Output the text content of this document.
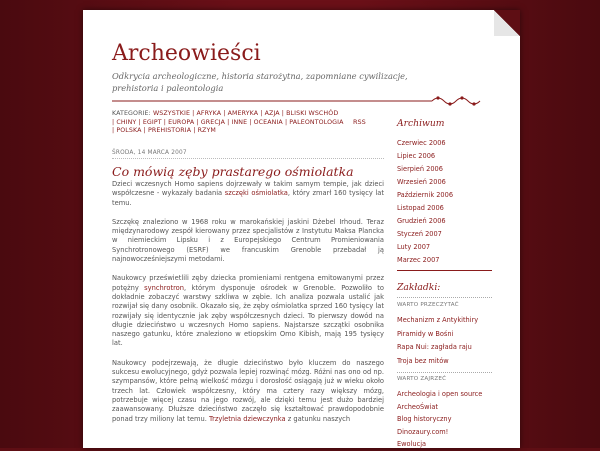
Archeowieści
Odkrycia archeologiczne, historia starożytna, zapomniane cywilizacje, prehistoria i paleontologia
KATEGORIE: WSZYSTKIE | AFRYKA | AMERYKA | AZJA | BLISKI WSCHÓD
| CHINY | EGIPT | EUROPA | GRECJA | INNE | OCEANIA | PALEONTOLOGIA
| POLSKA | PREHISTORIA | RZYM
RSS
ŚRODA, 14 MARCA 2007
Co mówią zęby prastarego ośmiolatka

Dzieci wczesnych Homo sapiens dojrzewały w takim samym tempie, jak dzieci współczesne - wykazały badania szczęki ośmiolatka, który zmarł 160 tysięcy lat temu.

Szczękę znaleziono w 1968 roku w marokańskiej jaskini Dżebel Irhoud. Teraz międzynarodowy zespół kierowany przez specjalistów z Instytutu Maksa Plancka w niemieckim Lipsku i z Europejskiego Centrum Promieniowania Synchrotronowego (ESRF) we francuskim Grenoble przebadał ją najnowocześniejszymi metodami.

Naukowcy prześwietlili zęby dziecka promieniami rentgena emitowanymi przez potężny synchrotron, którym dysponuje ośrodek w Grenoble. Pozwoliło to dokładnie zobaczyć warstwy szkliwa w zębie. Ich analiza pozwala ustalić jak rozwijał się dany osobnik. Okazało się, że zęby ośmiolatka sprzed 160 tysięcy lat rozwijały się identycznie jak zęby współczesnych dzieci. To pierwszy dowód na długie dzieciństwo u wczesnych Homo sapiens. Najstarsze szczątki osobnika naszego gatunku, które znaleziono w etiopskim Omo Kibish, mają 195 tysięcy lat.

Naukowcy podejrzewają, że długie dzieciństwo było kluczem do naszego sukcesu ewolucyjnego, gdyż pozwala lepiej rozwinąć mózg. Różni nas ono od np. szympansów, które pełną wielkość mózgu i dorosłość osiągają już w wieku około trzech lat. Człowiek współczesny, który ma cztery razy większy mózg, potrzebuje więcej czasu na jego rozwój, ale dzięki temu jest dużo bardziej zaawansowany. Dłuższe dzieciństwo zaczęło się kształtować prawdopodobnie ponad trzy miliony lat temu. Trzyletnia dziewczynka z gatunku naszych

Archiwum
Czerwiec 2006
Lipiec 2006
Sierpień 2006
Wrzesień 2006
Październik 2006
Listopad 2006
Grudzień 2006
Styczeń 2007
Luty 2007
Marzec 2007
Zakładki:
WARTO PRZECZYTAĆ
Mechanizm z Antykithiry
Piramidy w Bośni
Rapa Nui: zagłada raju
Troja bez mitów
WARTO ZAJRZEĆ
Archeologia i open source
ArcheoŚwiat
Blog historyczny
Dinozaury.com!
Ewolucja
